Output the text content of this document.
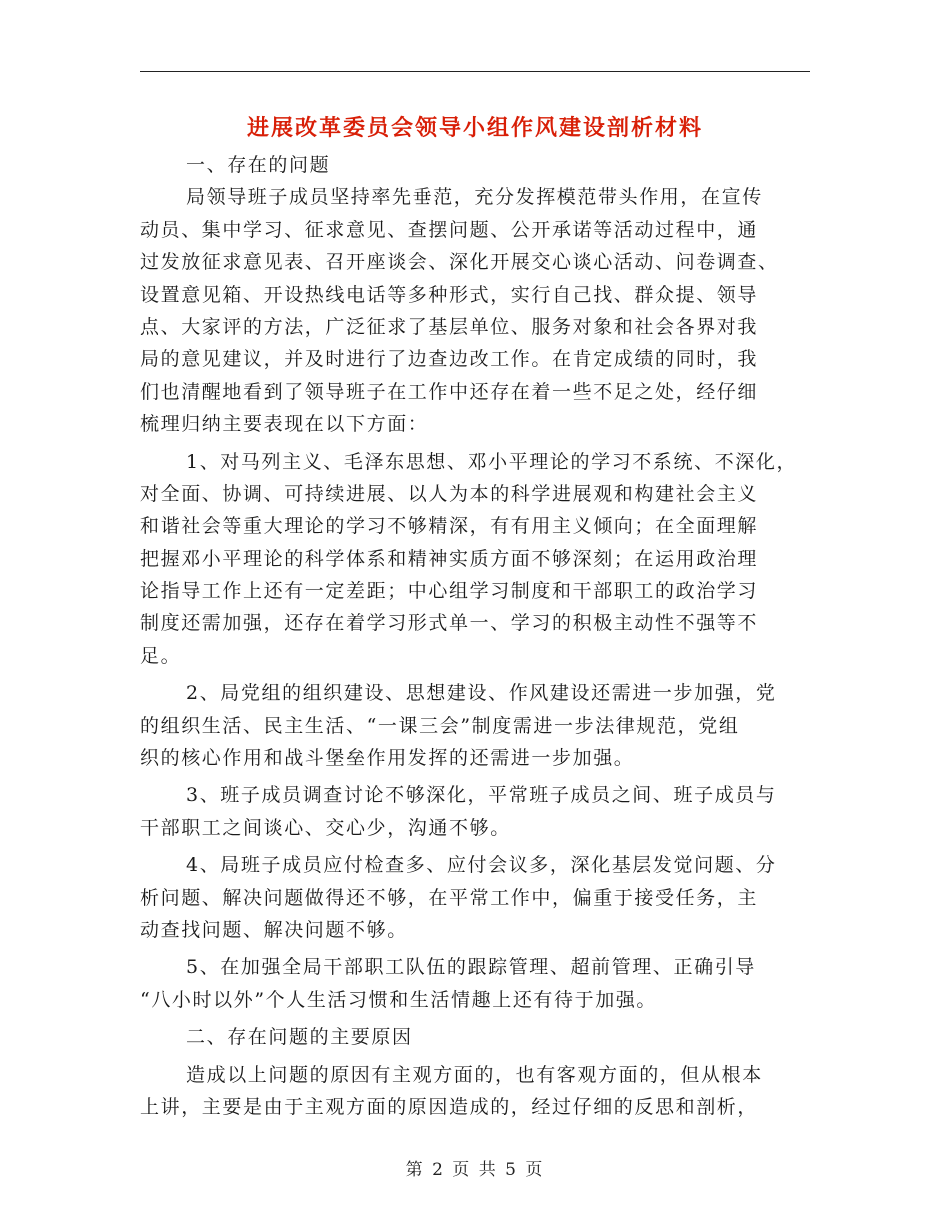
进展改革委员会领导小组作风建设剖析材料
一、存在的问题
局领导班子成员坚持率先垂范，充分发挥模范带头作用，在宣传
动员、集中学习、征求意见、查摆问题、公开承诺等活动过程中，通
过发放征求意见表、召开座谈会、深化开展交心谈心活动、问卷调查、
设置意见箱、开设热线电话等多种形式，实行自己找、群众提、领导
点、大家评的方法，广泛征求了基层单位、服务对象和社会各界对我
局的意见建议，并及时进行了边查边改工作。在肯定成绩的同时，我
们也清醒地看到了领导班子在工作中还存在着一些不足之处，经仔细
梳理归纳主要表现在以下方面：
1、对马列主义、毛泽东思想、邓小平理论的学习不系统、不深化，
对全面、协调、可持续进展、以人为本的科学进展观和构建社会主义
和谐社会等重大理论的学习不够精深，有有用主义倾向；在全面理解
把握邓小平理论的科学体系和精神实质方面不够深刻；在运用政治理
论指导工作上还有一定差距；中心组学习制度和干部职工的政治学习
制度还需加强，还存在着学习形式单一、学习的积极主动性不强等不
足。
2、局党组的组织建设、思想建设、作风建设还需进一步加强，党
的组织生活、民主生活、“一课三会”制度需进一步法律规范，党组
织的核心作用和战斗堡垒作用发挥的还需进一步加强。
3、班子成员调查讨论不够深化，平常班子成员之间、班子成员与
干部职工之间谈心、交心少，沟通不够。
4、局班子成员应付检查多、应付会议多，深化基层发觉问题、分
析问题、解决问题做得还不够，在平常工作中，偏重于接受任务，主
动查找问题、解决问题不够。
5、在加强全局干部职工队伍的跟踪管理、超前管理、正确引导
“八小时以外”个人生活习惯和生活情趣上还有待于加强。
二、存在问题的主要原因
造成以上问题的原因有主观方面的，也有客观方面的，但从根本
上讲，主要是由于主观方面的原因造成的，经过仔细的反思和剖析，
第 2 页 共 5 页
